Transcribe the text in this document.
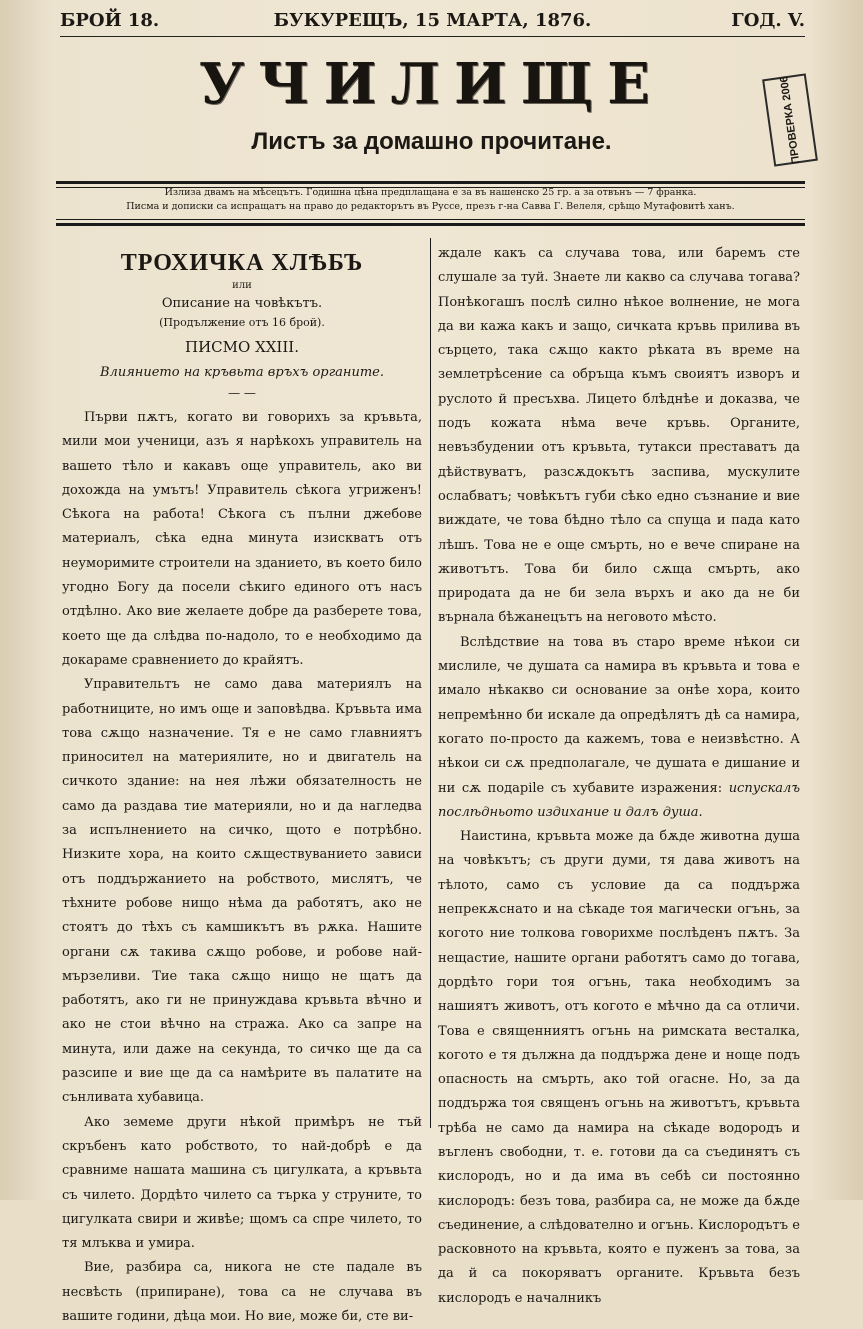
БРОЙ 18.	БУКУРЕЩЪ, 15 МАРТА, 1876.	ГОД. V.
УЧИЛИЩЕ
Листъ за домашно прочитане.	ПРОВЕРКА 2006
Излиза двамъ на мѣсецътъ. Годишна цѣна предплащана е за въ нашенско 25 гр. а за отвънъ — 7 франка.
Писма и дописки са испращатъ на право до редакторътъ въ Руссе, презъ г-на Савва Г. Велеля, срѣщо Мутафовитѣ ханъ.
ТРОХИЧКА ХЛѢБЪ
или
Описание на човѣкътъ.
(Продължение отъ 16 брой).
ПИСМО XXIII.
Влиянието на кръвьта връхъ органите.
— —

Първи пѫтъ, когато ви говорихъ за кръвьта, мили мои ученици, азъ я нарѣкохъ управитель на вашето тѣло и какавъ още управитель, ако ви дохожда на умътъ! Управитель сѣкога угриженъ! Сѣкога на работа! Сѣкога съ пълни джебове материалъ, сѣка една минута изискватъ отъ неуморимите строители на зданието, въ което било угодно Богу да посели сѣкиго единого отъ насъ отдѣлно. Ако вие желаете добре да разберете това, което ще да слѣдва по-надоло, то е необходимо да докараме сравнението до крайятъ.

Управительтъ не само дава материялъ на работниците, но имъ още и заповѣдва. Кръвьта има това сѫщо назначение. Тя е не само главниятъ приносител на материялите, но и двигатель на сичкото здание: на нея лѣжи обязателность не само да раздава тие материяли, но и да нагледва за испълнението на сичко, щото е потрѣбно. Низките хора, на които сѫществуванието зависи отъ поддържанието на робството, мислятъ, че тѣхните робове нищо нѣма да работятъ, ако не стоятъ до тѣхъ съ камшикътъ въ рѫка. Нашите органи сѫ такива сѫщо робове, и робове най-мързеливи. Тие така сѫщо нищо не щатъ да работятъ, ако ги не принуждава кръвьта вѣчно и ако не стои вѣчно на стража. Ако са запре на минута, или даже на секунда, то сичко ще да са разсипе и вие ще да са намѣрите въ палатите на сънливата хубавица.

Ако земеме други нѣкой примѣръ не тъй скръбенъ като робството, то най-добрѣ е да сравниме нашата машина съ цигулката, а кръвьта съ чилето. Дордѣто чилето са търкa у струните, то цигулката свири и живѣе; щомъ са спре чилето, то тя млъква и умира.

Вие, разбира са, никога не сте падале въ несвѣсть (припиране), това са не случава въ вашите години, дѣца мои. Но вие, може би, сте ви-

ждале какъ са случава това, или баремъ сте слушале за туй. Знаете ли какво са случава тогава? Понѣкогашъ послѣ силно нѣкое волнение, не мога да ви кажа какъ и защо, сичката кръвь прилива въ сърцето, така сѫщо както рѣката въ време на землетрѣсение са обръща къмъ своиятъ изворъ и руслото й пресъхва. Лицето блѣднѣе и доказва, че подъ кожата нѣма вече кръвь. Органите, невъзбудении отъ кръвьта, тутакси преставатъ да дѣйствуватъ, разсѫдокътъ заспива, мускулите ослабватъ; човѣкътъ губи сѣко едно съзнание и вие виждате, че това бѣдно тѣло са спуща и пада като лѣшъ. Това не е още смърть, но е вече спиране на животътъ. Това би било сѫща смърть, ако природата да не би зела върхъ и ако да не би върнала бѣжанецътъ на неговото мѣсто.

Вслѣдствие на това въ старо време нѣкои си мислиле, че душата са намира въ кръвьта и това е имало нѣкакво си основание за онѣе хора, които непремѣнно би искале да опредѣлятъ дѣ са намира, когато по-просто да кажемъ, това е неизвѣстно. А нѣкои си сѫ предполагале, че душата е дишание и ни сѫ подарile съ хубавите изражения: испускалъ послѣдньото издихание и далъ душа.

Наистина, кръвьта може да бѫде животна душа на човѣкътъ; съ други думи, тя дава животъ на тѣлото, само съ условие да са поддържа непрекѫснато и на сѣкаде тоя магически огънь, за когото ние толкова говорихме послѣденъ пѫтъ. За нещастие, нашите органи работятъ само до тогава, дордѣто гори тоя огънь, така необходимъ за нашиятъ животъ, отъ когото е мѣчно да са отличи. Това е священниятъ огънь на римската весталка, когото е тя дължна да поддържа дене и ноще подъ опасность на смърть, ако той огасне. Но, за да поддържа тоя священъ огънь на животътъ, кръвьта трѣба не само да намира на сѣкаде водородъ и въгленъ свободни, т. е. готови да са съединятъ съ кислородъ, но и да има въ себѣ си постоянно кислородъ: безъ това, разбира са, не може да бѫде съединение, а слѣдователно и огънь. Кислородътъ е расковното на кръвьта, която е пуженъ за това, за да й са покоряватъ органите. Кръвьта безъ кислородъ е началникъ
